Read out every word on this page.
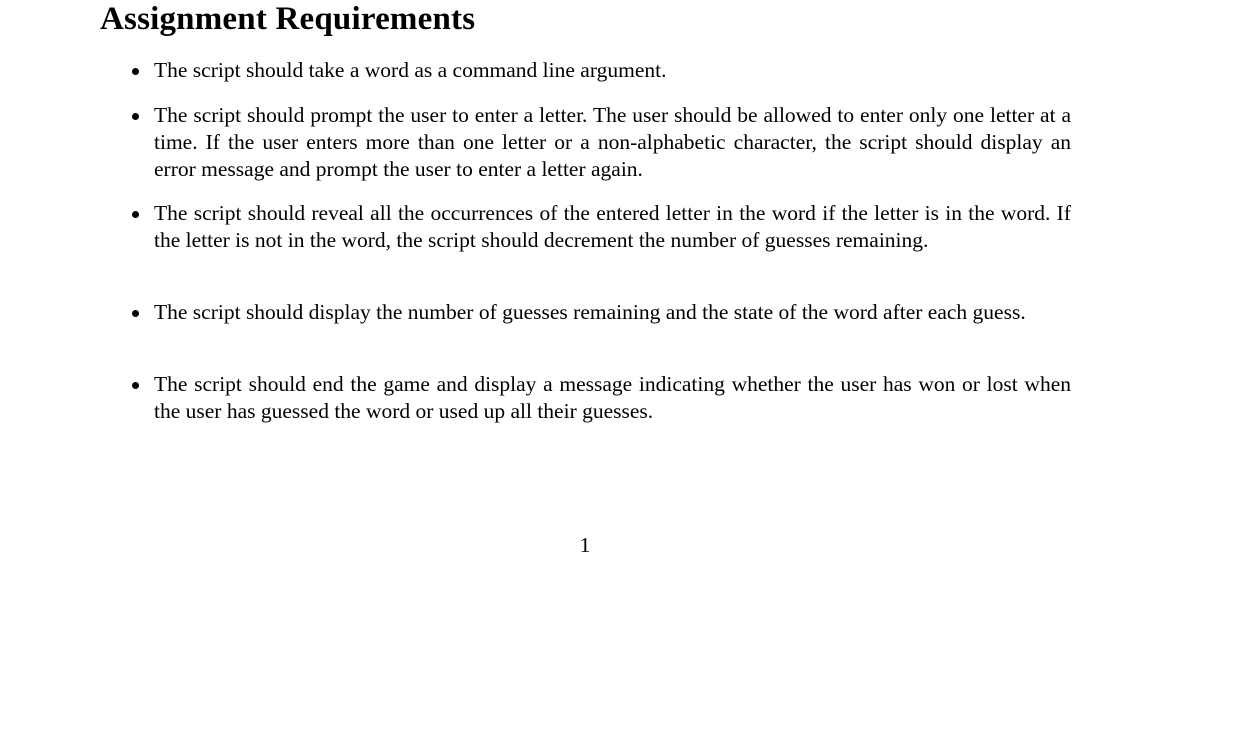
Assignment Requirements
The script should take a word as a command line argument.
The script should prompt the user to enter a letter. The user should be allowed to enter only one letter at a time. If the user enters more than one letter or a non-alphabetic character, the script should display an error message and prompt the user to enter a letter again.
The script should reveal all the occurrences of the entered letter in the word if the letter is in the word. If the letter is not in the word, the script should decrement the number of guesses remaining.
The script should display the number of guesses remaining and the state of the word after each guess.
The script should end the game and display a message indicating whether the user has won or lost when the user has guessed the word or used up all their guesses.
1
